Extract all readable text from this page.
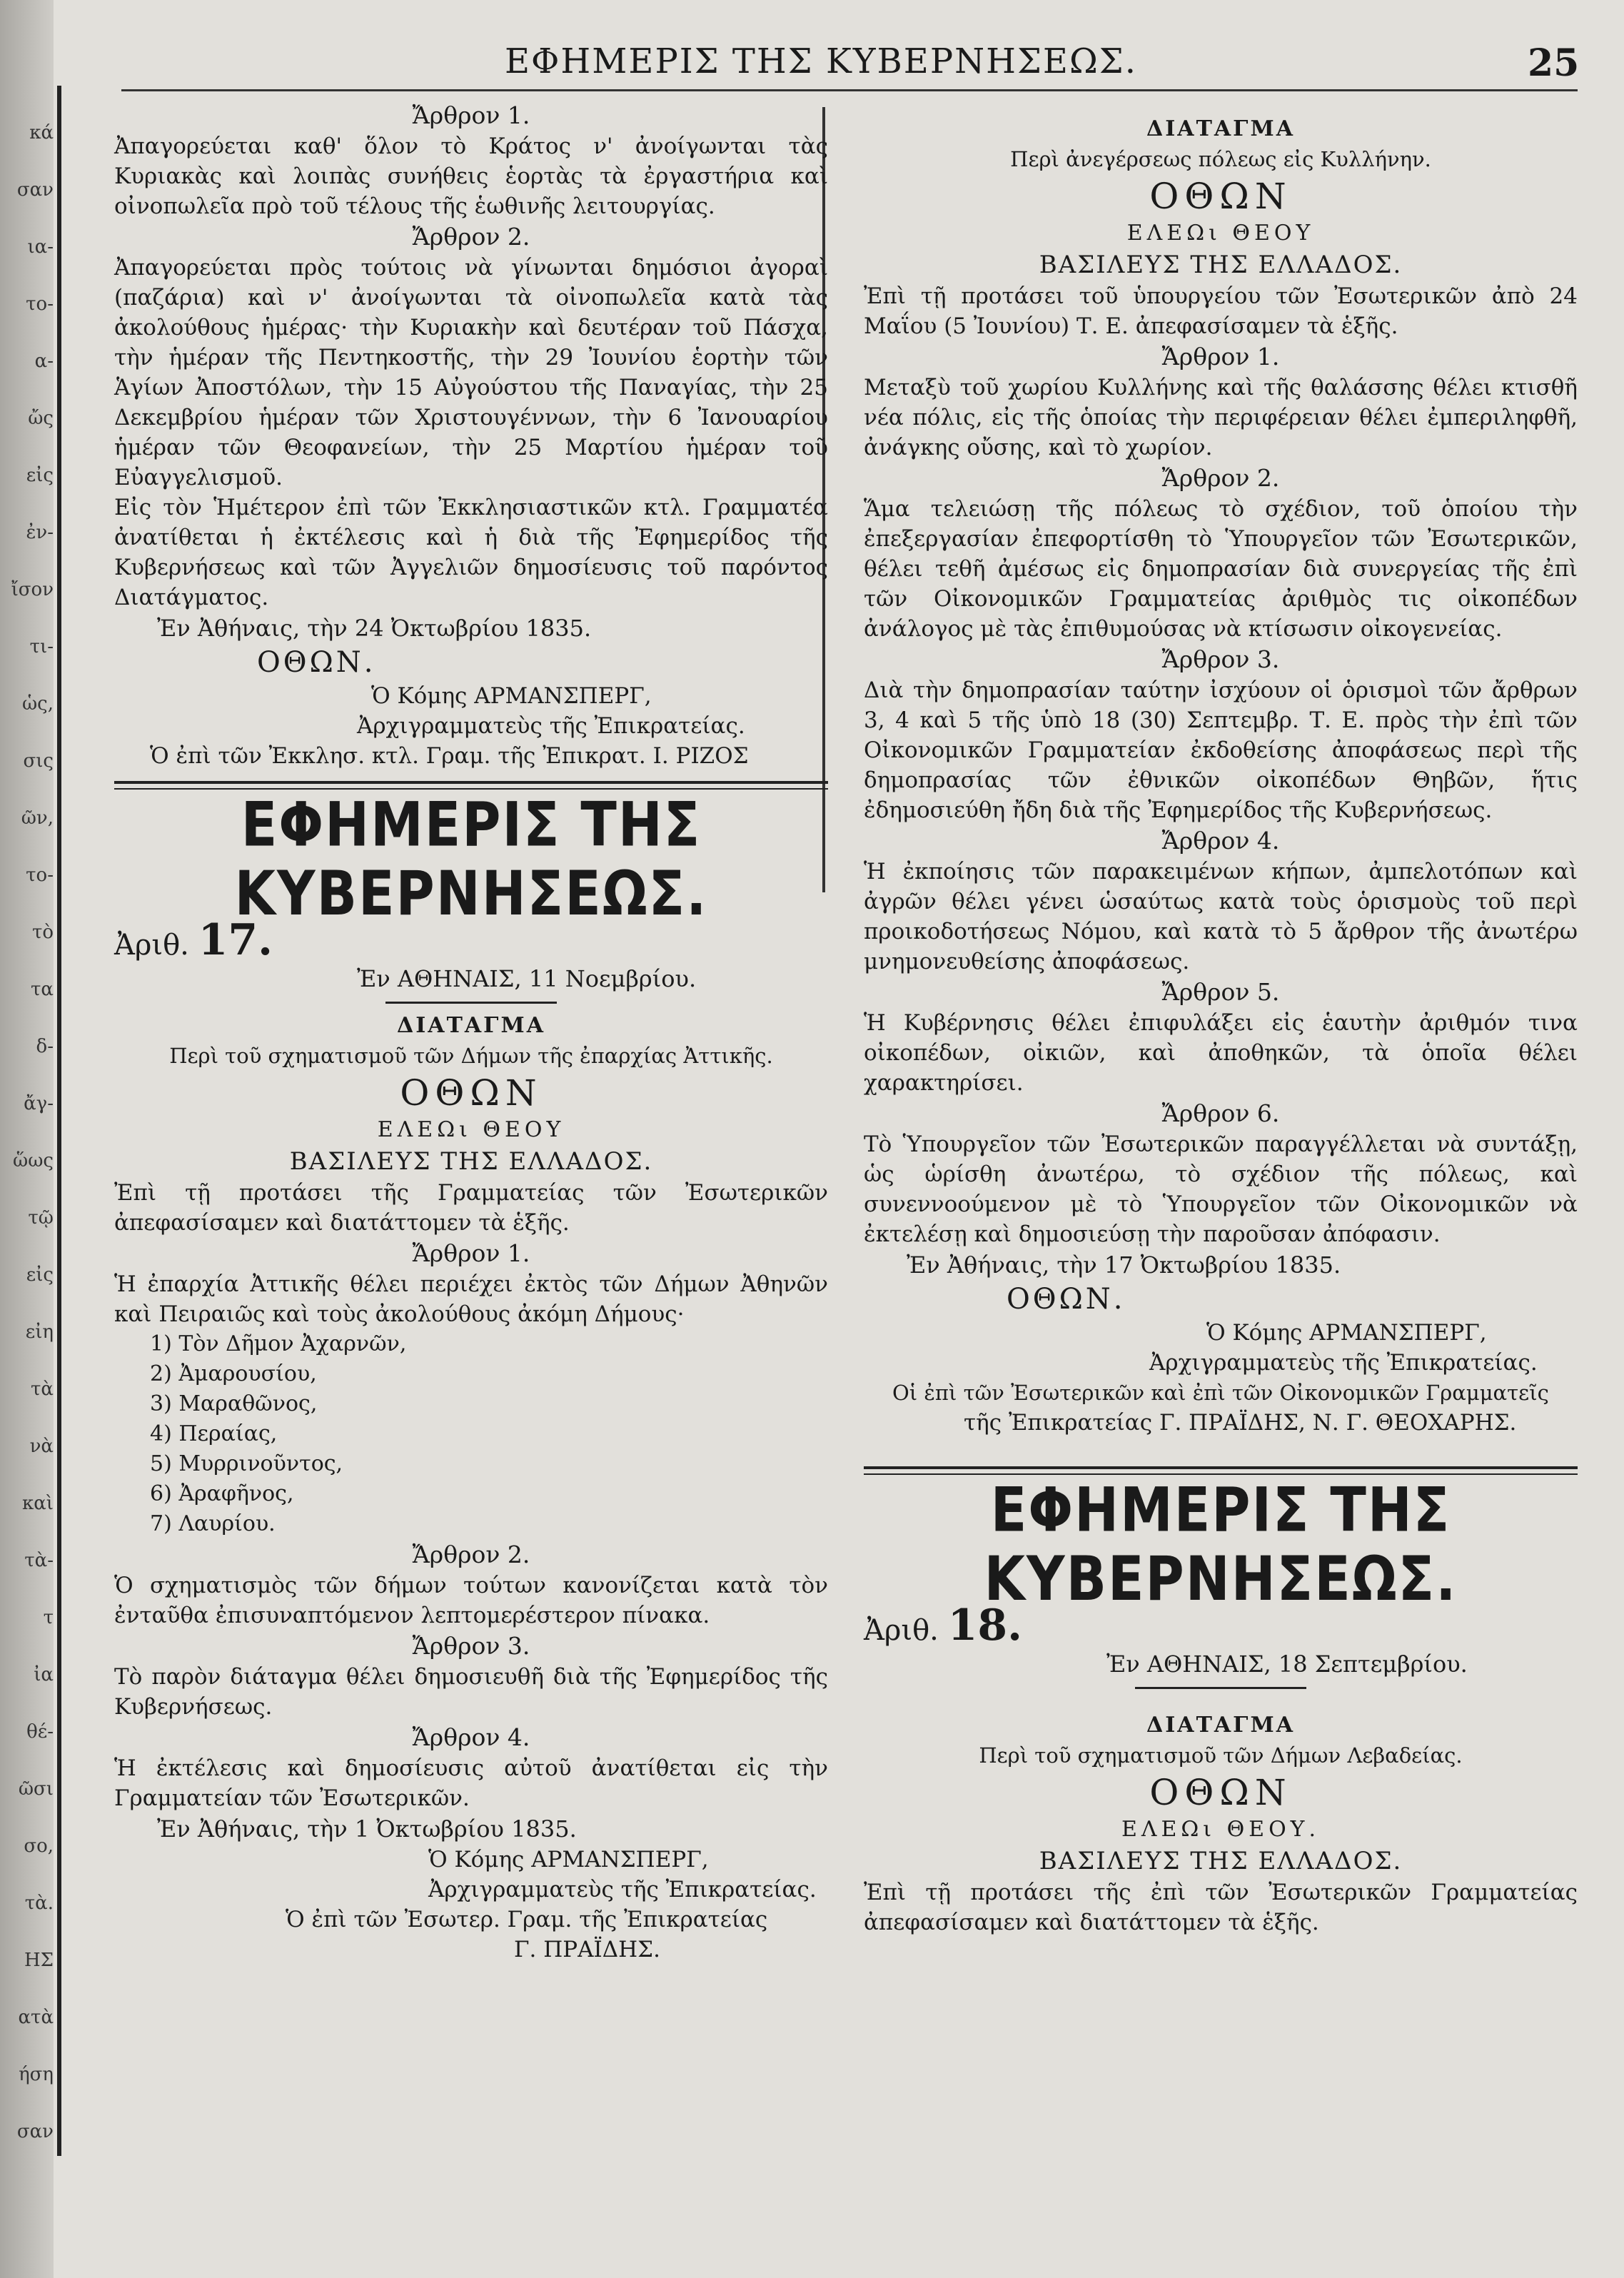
κά
σαν
ια-
το-
α-
ὤς
εἰς
ἐν-
ἴσον
τι-
ὡς,
σις
ῶν,
το-
τὸ
τα
δ-
ἄγ-
ὥως
τῷ
εἰς
εἰη
τὰ
νὰ
καὶ
τὰ-
τ
ἰα
θέ-
ῶσι
σο,
τὰ.
ΗΣ
ατὰ
ήση
σαν
ΕΦΗΜΕΡΙΣ ΤΗΣ ΚΥΒΕΡΝΗΣΕΩΣ.	25

Ἄρθρον 1.

Ἀπαγορεύεται καθ' ὅλον τὸ Κράτος ν' ἀνοίγωνται τὰς Κυριακὰς καὶ λοιπὰς συνήθεις ἑορτὰς τὰ ἐργαστήρια καὶ οἰνοπωλεῖα πρὸ τοῦ τέλους τῆς ἑωθινῆς λειτουργίας.

Ἄρθρον 2.

Ἀπαγορεύεται πρὸς τούτοις νὰ γίνωνται δημόσιοι ἀγοραὶ (παζάρια) καὶ ν' ἀνοίγωνται τὰ οἰνοπωλεῖα κατὰ τὰς ἀκολούθους ἡμέρας· τὴν Κυριακὴν καὶ δευτέραν τοῦ Πάσχα, τὴν ἡμέραν τῆς Πεντηκοστῆς, τὴν 29 Ἰουνίου ἑορτὴν τῶν Ἁγίων Ἀποστόλων, τὴν 15 Αὐγούστου τῆς Παναγίας, τὴν 25 Δεκεμβρίου ἡμέραν τῶν Χριστουγέννων, τὴν 6 Ἰανουαρίου ἡμέραν τῶν Θεοφανείων, τὴν 25 Μαρτίου ἡμέραν τοῦ Εὐαγγελισμοῦ.

Εἰς τὸν Ἡμέτερον ἐπὶ τῶν Ἐκκλησιαστικῶν κτλ. Γραμματέα ἀνατίθεται ἡ ἐκτέλεσις καὶ ἡ διὰ τῆς Ἐφημερίδος τῆς Κυβερνήσεως καὶ τῶν Ἀγγελιῶν δημοσίευσις τοῦ παρόντος Διατάγματος.

Ἐν Ἀθήναις, τὴν 24 Ὀκτωβρίου 1835.

ΟΘΩΝ.

Ὁ Κόμης ΑΡΜΑΝΣΠΕΡΓ,

Ἀρχιγραμματεὺς τῆς Ἐπικρατείας.

Ὁ ἐπὶ τῶν Ἐκκλησ. κτλ. Γραμ. τῆς Ἐπικρατ. Ι. ΡΙΖΟΣ

ΕΦΗΜΕΡΙΣ ΤΗΣ ΚΥΒΕΡΝΗΣΕΩΣ.

Ἀριθ. 17.

Ἐν ΑΘΗΝΑΙΣ, 11 Νοεμβρίου.

ΔΙΑΤΑΓΜΑ

Περὶ τοῦ σχηματισμοῦ τῶν Δήμων τῆς ἐπαρχίας Ἀττικῆς.

ΟΘΩΝ

ΕΛΕΩι ΘΕΟΥ

ΒΑΣΙΛΕΥΣ ΤΗΣ ΕΛΛΑΔΟΣ.

Ἐπὶ τῇ προτάσει τῆς Γραμματείας τῶν Ἐσωτερικῶν ἀπεφασίσαμεν καὶ διατάττομεν τὰ ἑξῆς.

Ἄρθρον 1.

Ἡ ἐπαρχία Ἀττικῆς θέλει περιέχει ἐκτὸς τῶν Δήμων Ἀθηνῶν καὶ Πειραιῶς καὶ τοὺς ἀκολούθους ἀκόμη Δήμους·

1) Τὸν Δῆμον Ἀχαρνῶν,

2) Ἀμαρουσίου,

3) Μαραθῶνος,

4) Περαίας,

5) Μυρρινοῦντος,

6) Ἀραφῆνος,

7) Λαυρίου.

Ἄρθρον 2.

Ὁ σχηματισμὸς τῶν δήμων τούτων κανονίζεται κατὰ τὸν ἐνταῦθα ἐπισυναπτόμενον λεπτομερέστερον πίνακα.

Ἄρθρον 3.

Τὸ παρὸν διάταγμα θέλει δημοσιευθῆ διὰ τῆς Ἐφημερίδος τῆς Κυβερνήσεως.

Ἄρθρον 4.

Ἡ ἐκτέλεσις καὶ δημοσίευσις αὐτοῦ ἀνατίθεται εἰς τὴν Γραμματείαν τῶν Ἐσωτερικῶν.

Ἐν Ἀθήναις, τὴν 1 Ὀκτωβρίου 1835.

Ὁ Κόμης ΑΡΜΑΝΣΠΕΡΓ,

Ἀρχιγραμματεὺς τῆς Ἐπικρατείας.

Ὁ ἐπὶ τῶν Ἐσωτερ. Γραμ. τῆς Ἐπικρατείας

Γ. ΠΡΑΪΔΗΣ.

ΔΙΑΤΑΓΜΑ

Περὶ ἀνεγέρσεως πόλεως εἰς Κυλλήνην.

ΟΘΩΝ

ΕΛΕΩι ΘΕΟΥ

ΒΑΣΙΛΕΥΣ ΤΗΣ ΕΛΛΑΔΟΣ.

Ἐπὶ τῇ προτάσει τοῦ ὑπουργείου τῶν Ἐσωτερικῶν ἀπὸ 24 Μαΐου (5 Ἰουνίου) Τ. Ε. ἀπεφασίσαμεν τὰ ἑξῆς.

Ἄρθρον 1.

Μεταξὺ τοῦ χωρίου Κυλλήνης καὶ τῆς θαλάσσης θέλει κτισθῆ νέα πόλις, εἰς τῆς ὁποίας τὴν περιφέρειαν θέλει ἐμπεριληφθῆ, ἀνάγκης οὔσης, καὶ τὸ χωρίον.

Ἄρθρον 2.

Ἅμα τελειώσῃ τῆς πόλεως τὸ σχέδιον, τοῦ ὁποίου τὴν ἐπεξεργασίαν ἐπεφορτίσθη τὸ Ὑπουργεῖον τῶν Ἐσωτερικῶν, θέλει τεθῆ ἀμέσως εἰς δημοπρασίαν διὰ συνεργείας τῆς ἐπὶ τῶν Οἰκονομικῶν Γραμματείας ἀριθμὸς τις οἰκοπέδων ἀνάλογος μὲ τὰς ἐπιθυμούσας νὰ κτίσωσιν οἰκογενείας.

Ἄρθρον 3.

Διὰ τὴν δημοπρασίαν ταύτην ἰσχύουν οἱ ὁρισμοὶ τῶν ἄρθρων 3, 4 καὶ 5 τῆς ὑπὸ 18 (30) Σεπτεμβρ. Τ. Ε. πρὸς τὴν ἐπὶ τῶν Οἰκονομικῶν Γραμματείαν ἐκδοθείσης ἀποφάσεως περὶ τῆς δημοπρασίας τῶν ἐθνικῶν οἰκοπέδων Θηβῶν, ἥτις ἐδημοσιεύθη ἤδη διὰ τῆς Ἐφημερίδος τῆς Κυβερνήσεως.

Ἄρθρον 4.

Ἡ ἐκποίησις τῶν παρακειμένων κήπων, ἀμπελοτόπων καὶ ἀγρῶν θέλει γένει ὡσαύτως κατὰ τοὺς ὁρισμοὺς τοῦ περὶ προικοδοτήσεως Νόμου, καὶ κατὰ τὸ 5 ἄρθρον τῆς ἀνωτέρω μνημονευθείσης ἀποφάσεως.

Ἄρθρον 5.

Ἡ Κυβέρνησις θέλει ἐπιφυλάξει εἰς ἑαυτὴν ἀριθμόν τινα οἰκοπέδων, οἰκιῶν, καὶ ἀποθηκῶν, τὰ ὁποῖα θέλει χαρακτηρίσει.

Ἄρθρον 6.

Τὸ Ὑπουργεῖον τῶν Ἐσωτερικῶν παραγγέλλεται νὰ συντάξῃ, ὡς ὡρίσθη ἀνωτέρω, τὸ σχέδιον τῆς πόλεως, καὶ συνεννοούμενον μὲ τὸ Ὑπουργεῖον τῶν Οἰκονομικῶν νὰ ἐκτελέσῃ καὶ δημοσιεύσῃ τὴν παροῦσαν ἀπόφασιν.

Ἐν Ἀθήναις, τὴν 17 Ὀκτωβρίου 1835.

ΟΘΩΝ.

Ὁ Κόμης ΑΡΜΑΝΣΠΕΡΓ,

Ἀρχιγραμματεὺς τῆς Ἐπικρατείας.

Οἱ ἐπὶ τῶν Ἐσωτερικῶν καὶ ἐπὶ τῶν Οἰκονομικῶν Γραμματεῖς

τῆς Ἐπικρατείας Γ. ΠΡΑΪΔΗΣ, Ν. Γ. ΘΕΟΧΑΡΗΣ.

ΕΦΗΜΕΡΙΣ ΤΗΣ ΚΥΒΕΡΝΗΣΕΩΣ.

Ἀριθ. 18.

Ἐν ΑΘΗΝΑΙΣ, 18 Σεπτεμβρίου.

ΔΙΑΤΑΓΜΑ

Περὶ τοῦ σχηματισμοῦ τῶν Δήμων Λεβαδείας.

ΟΘΩΝ

ΕΛΕΩι ΘΕΟΥ.

ΒΑΣΙΛΕΥΣ ΤΗΣ ΕΛΛΑΔΟΣ.

Ἐπὶ τῇ προτάσει τῆς ἐπὶ τῶν Ἐσωτερικῶν Γραμματείας ἀπεφασίσαμεν καὶ διατάττομεν τὰ ἑξῆς.
